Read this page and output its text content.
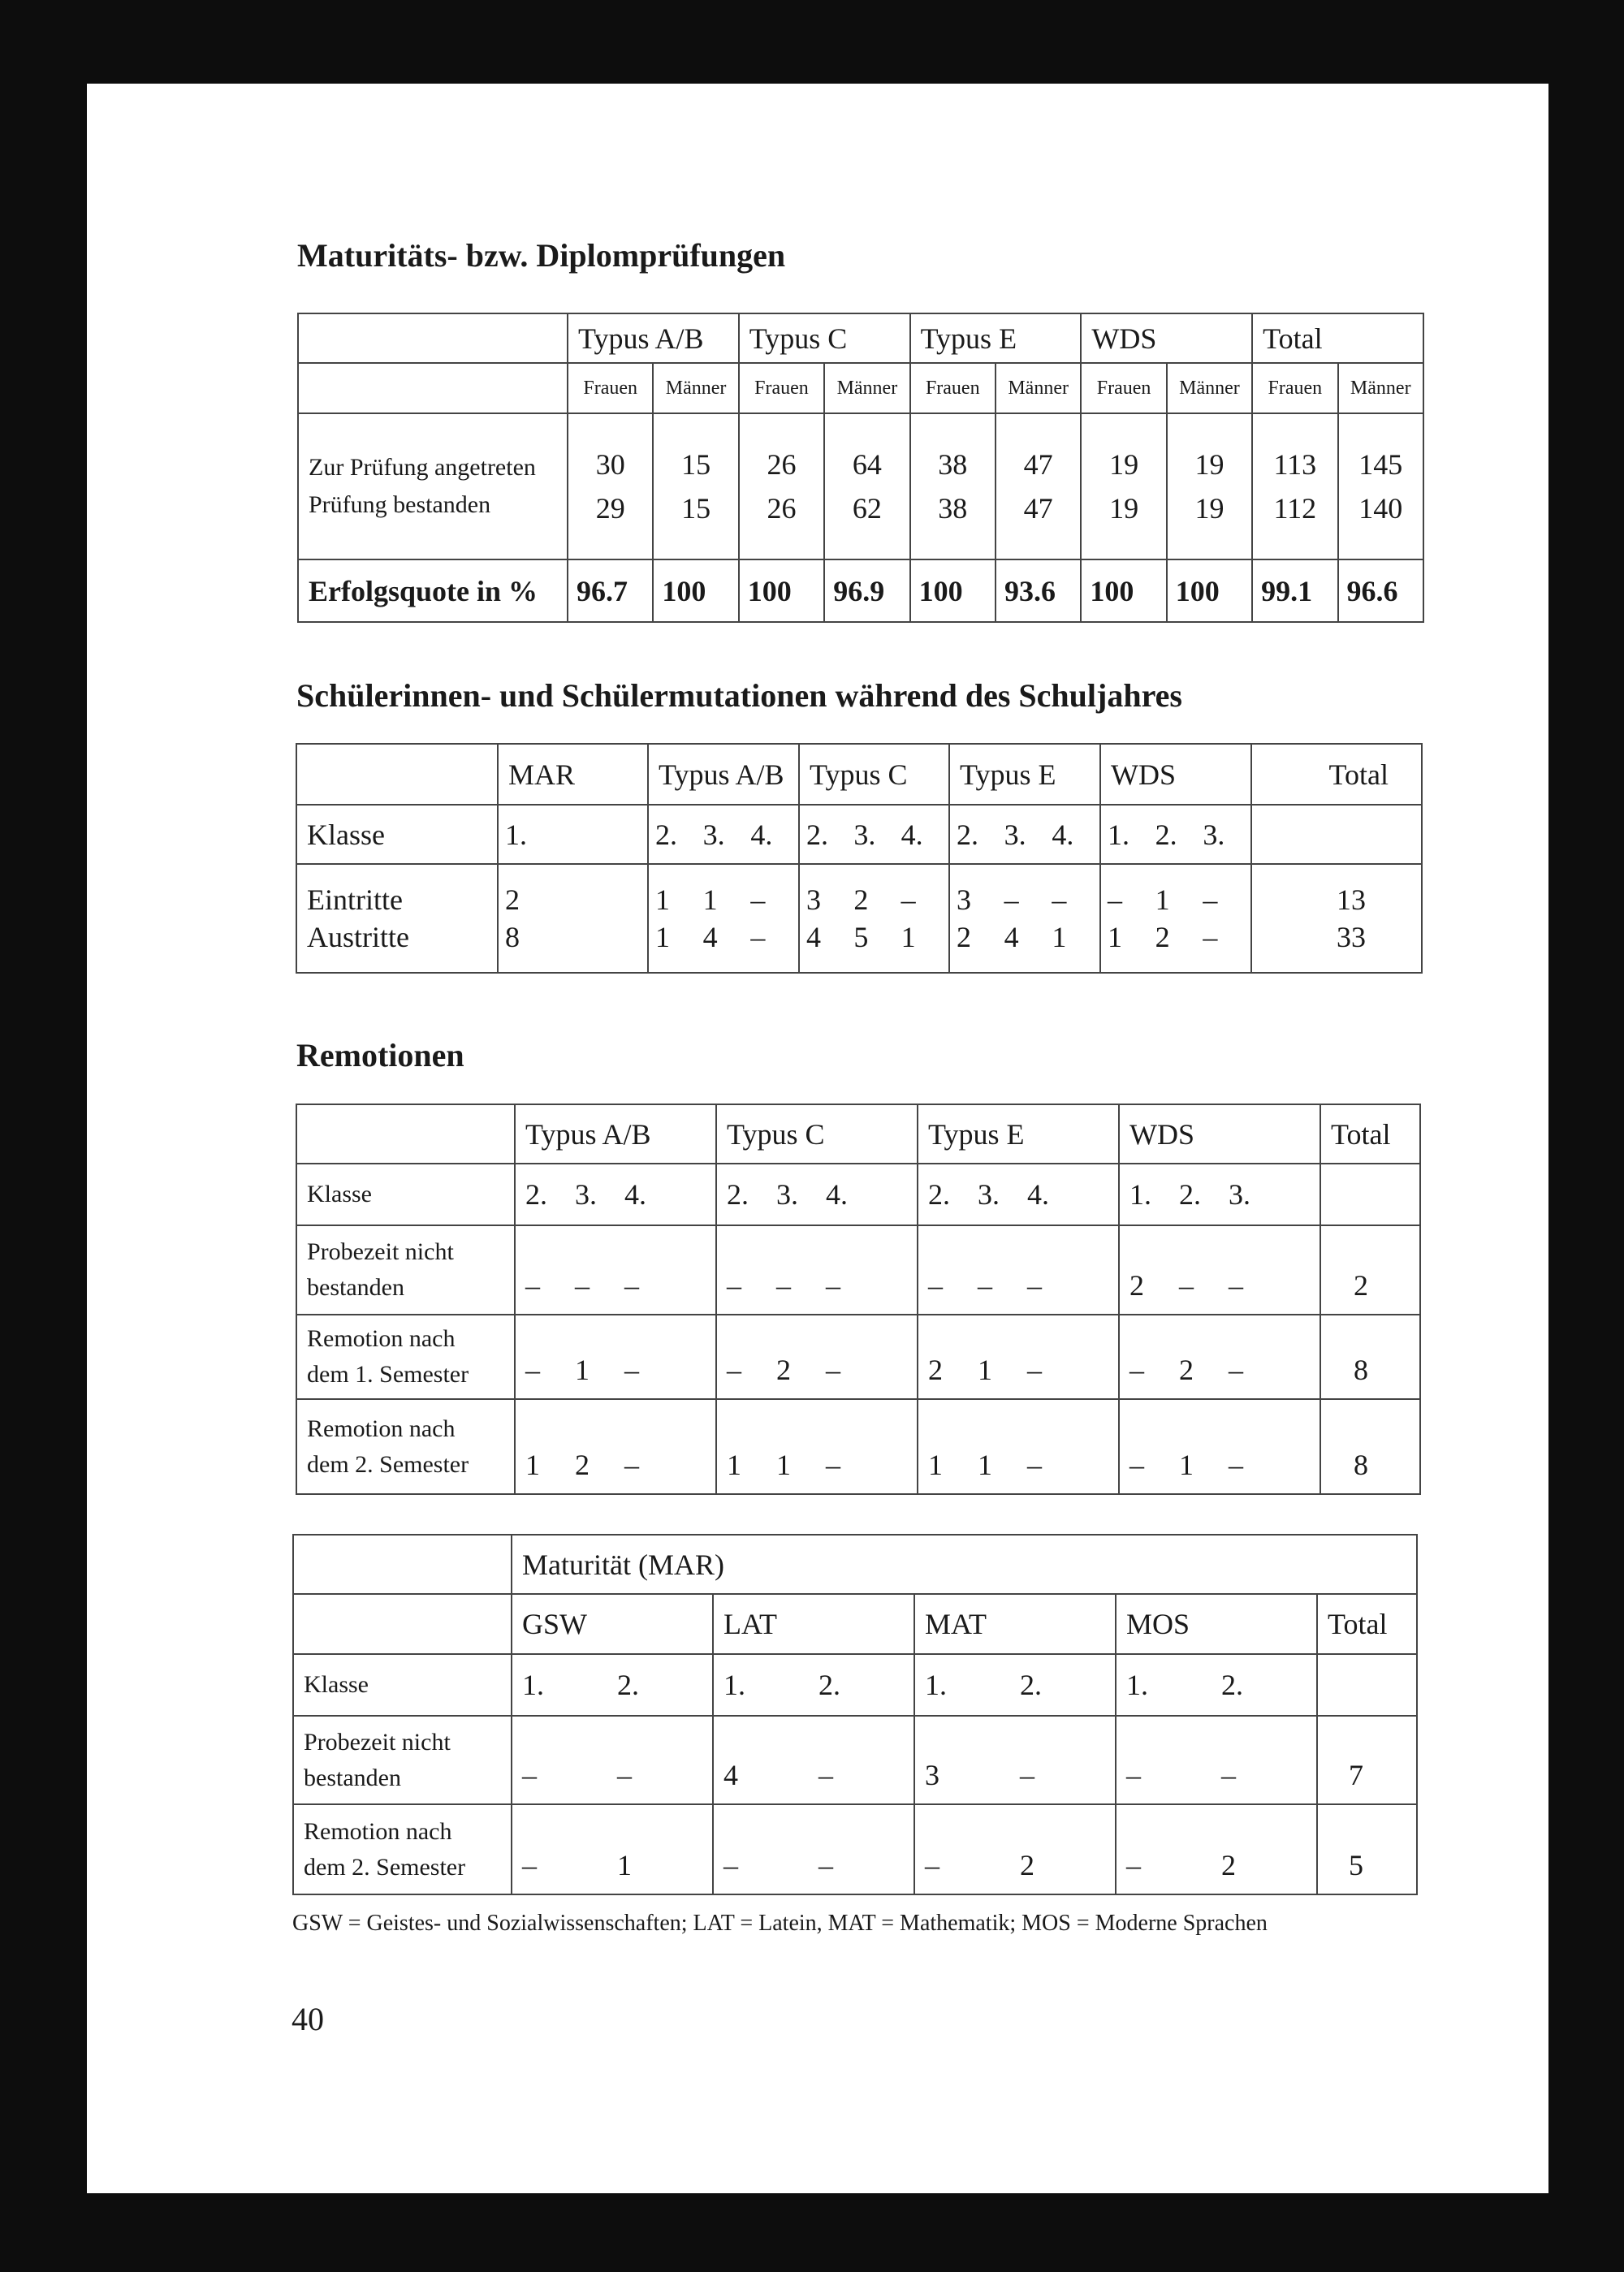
Maturitäts- bzw. Diplomprüfungen
	Typus A/B		Typus C		Typus E		WDS		Total	
	Frauen	Männer	Frauen	Männer	Frauen	Männer	Frauen	Männer	Frauen	Männer
Zur Prüfung angetreten	30	15	26	64	38	47	19	19	113	145
Prüfung bestanden	29	15	26	62	38	47	19	19	112	140
Erfolgsquote in %	96.7	100	100	96.9	100	93.6	100	100	99.1	96.6
Schülerinnen- und Schülermutationen während des Schuljahres
	MAR	Typus A/B	Typus C	Typus E	WDS	Total
Klasse	1.	2. 3. 4.	2. 3. 4.	2. 3. 4.	1. 2. 3.	

Eintritte	2	1 1 –	3 2 –	3 – –	– 1 –	13
Austritte	8	1 4 –	4 5 1	2 4 1	1 2 –	33
Remotionen
	Typus A/B	Typus C	Typus E	WDS	Total
Klasse	2. 3. 4.	2. 3. 4.	2. 3. 4.	1. 2. 3.	

Probezeit nicht bestanden	– – –	– – –	– – –	2 – –	2
Remotion nach dem 1. Semester	– 1 –	– 2 –	2 1 –	– 2 –	8
Remotion nach dem 2. Semester	1 2 –	1 1 –	1 1 –	– 1 –	8
	Maturität (MAR)				
	GSW	LAT	MAT	MOS	Total
Klasse	1. 2.	1. 2.	1. 2.	1. 2.	

Probezeit nicht bestanden	– –	4 –	3 –	– –	7
Remotion nach dem 2. Semester	– 1	– –	– 2	– 2	5
GSW = Geistes- und Sozialwissenschaften; LAT = Latein, MAT = Mathematik; MOS = Moderne Sprachen
40
